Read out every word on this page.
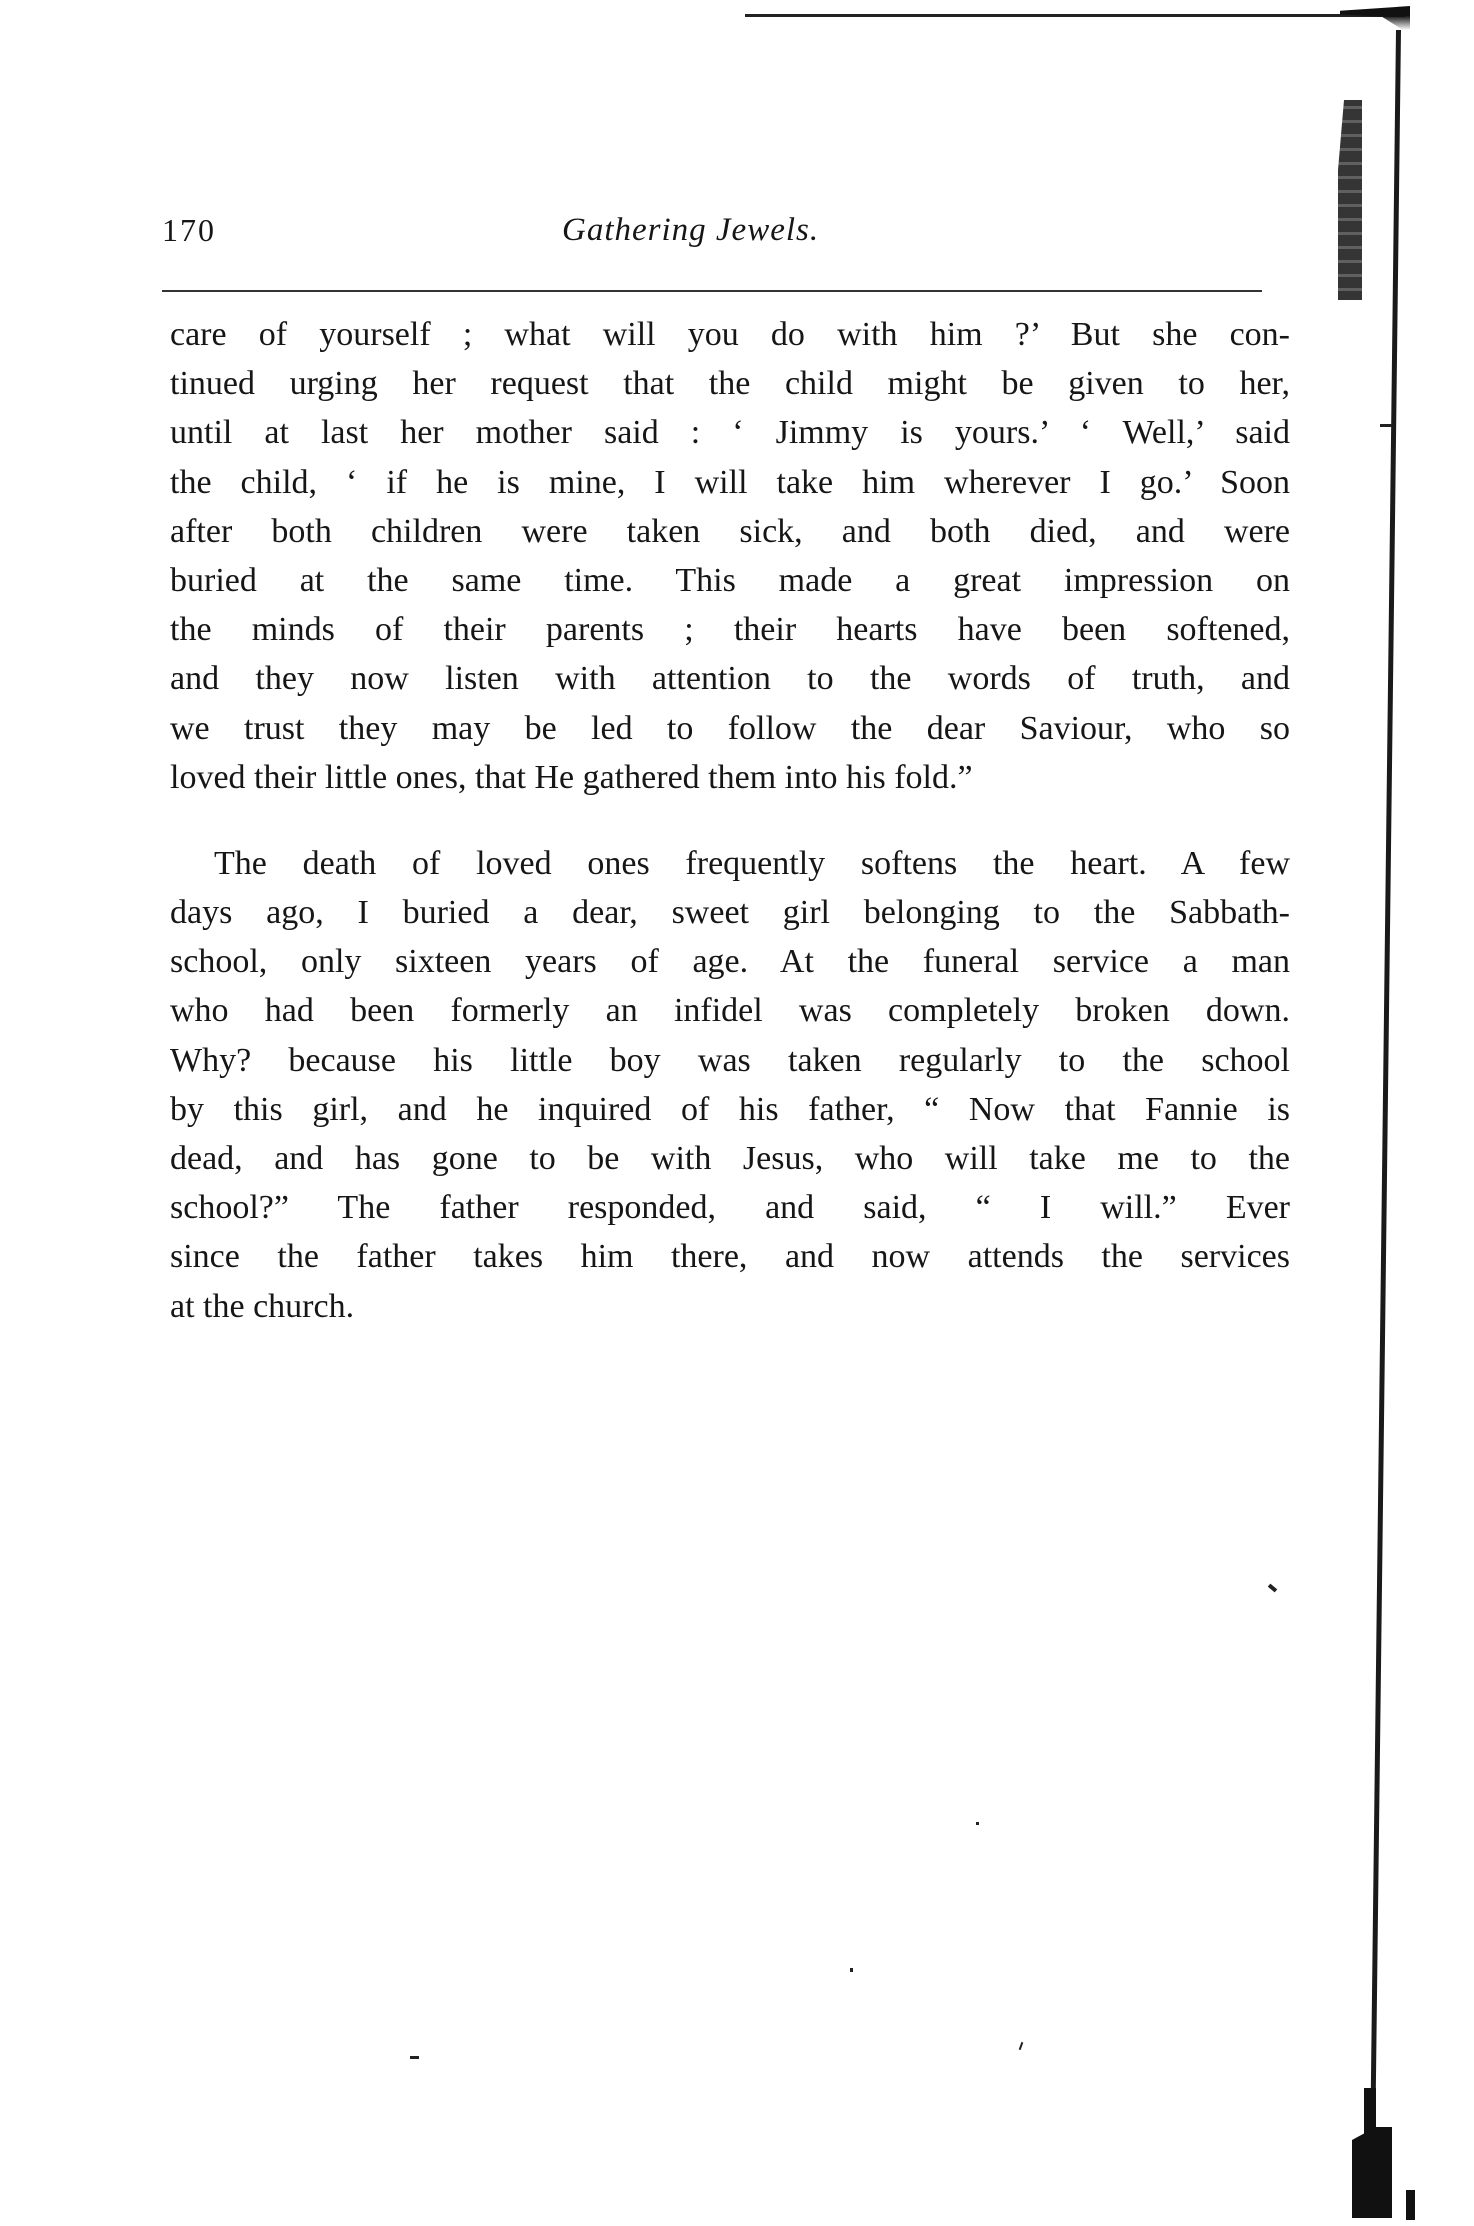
170	Gathering Jewels.
care of yourself ; what will you do with him ?’ But she con-
tinued urging her request that the child might be given to her,
until at last her mother said : ‘ Jimmy is yours.’ ‘ Well,’ said
the child, ‘ if he is mine, I will take him wherever I go.’ Soon
after both children were taken sick, and both died, and were
buried at the same time. This made a great impression on
the minds of their parents ; their hearts have been softened,
and they now listen with attention to the words of truth, and
we trust they may be led to follow the dear Saviour, who so
loved their little ones, that He gathered them into his fold.”
The death of loved ones frequently softens the heart. A few
days ago, I buried a dear, sweet girl belonging to the Sabbath-
school, only sixteen years of age. At the funeral service a man
who had been formerly an infidel was completely broken down.
Why? because his little boy was taken regularly to the school
by this girl, and he inquired of his father, “ Now that Fannie is
dead, and has gone to be with Jesus, who will take me to the
school?” The father responded, and said, “ I will.” Ever
since the father takes him there, and now attends the services
at the church.
